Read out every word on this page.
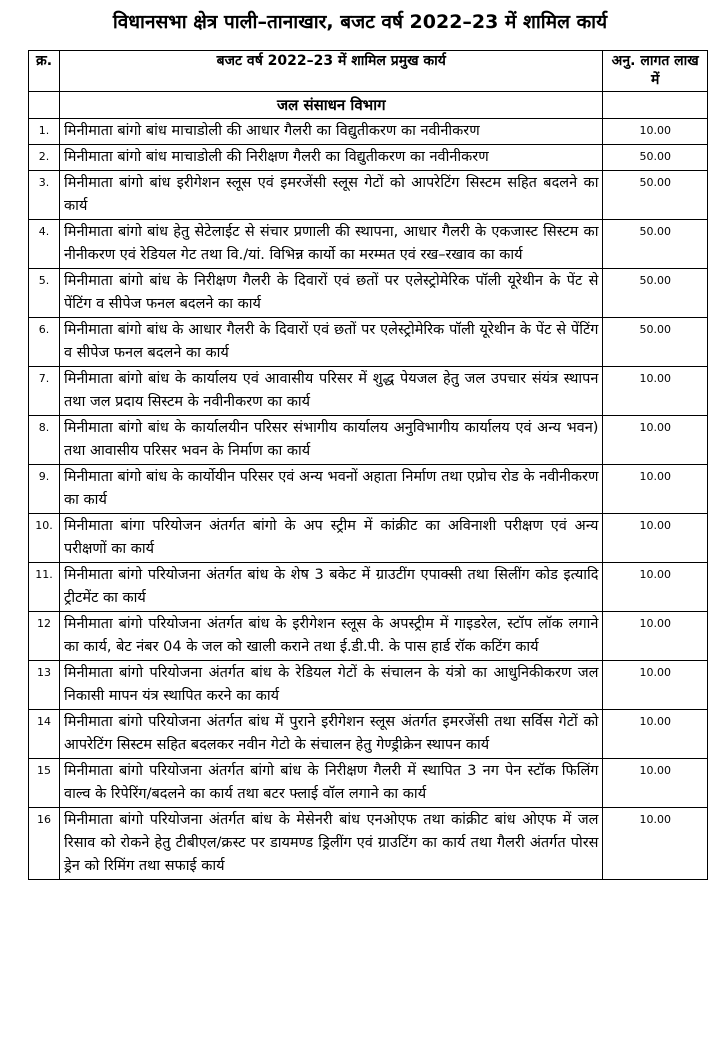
विधानसभा क्षेत्र पाली–तानाखार, बजट वर्ष 2022–23 में शामिल कार्य
क्र.	बजट वर्ष 2022–23 में शामिल प्रमुख कार्य	अनु. लागत लाख में
	जल संसाधन विभाग	
1.	मिनीमाता बांगो बांध माचाडोली की आधार गैलरी का विद्युतीकरण का नवीनीकरण	10.00
2.	मिनीमाता बांगो बांध माचाडोली की निरीक्षण गैलरी का विद्युतीकरण का नवीनीकरण	50.00
3.	मिनीमाता बांगो बांध इरीगेशन स्लूस एवं इमरजेंसी स्लूस गेटों को आपरेटिंग सिस्टम सहित बदलने का कार्य	50.00
4.	मिनीमाता बांगो बांध हेतु सेटेलाईट से संचार प्रणाली की स्थापना, आधार गैलरी के एकजास्ट सिस्टम का नीनीकरण एवं रेडियल गेट तथा वि./यां. विभिन्न कार्यो का मरम्मत एवं रख–रखाव का कार्य	50.00
5.	मिनीमाता बांगो बांध के निरीक्षण गैलरी के दिवारों एवं छतों पर एलेस्ट्रोमेरिक पॉली यूरेथीन के पेंट से पेंटिंग व सीपेज फनल बदलने का कार्य	50.00
6.	मिनीमाता बांगो बांध के आधार गैलरी के दिवारों एवं छतों पर एलेस्ट्रोमेरिक पॉली यूरेथीन के पेंट से पेंटिंग व सीपेज फनल बदलने का कार्य	50.00
7.	मिनीमाता बांगो बांध के कार्यालय एवं आवासीय परिसर में शुद्ध पेयजल हेतु जल उपचार संयंत्र स्थापन तथा जल प्रदाय सिस्टम के नवीनीकरण का कार्य	10.00
8.	मिनीमाता बांगो बांध के कार्यालयीन परिसर संभागीय कार्यालय अनुविभागीय कार्यालय एवं अन्य भवन) तथा आवासीय परिसर भवन के निर्माण का कार्य	10.00
9.	मिनीमाता बांगो बांध के कार्योयीन परिसर एवं अन्य भवनों अहाता निर्माण तथा एप्रोच रोड के नवीनीकरण का कार्य	10.00
10.	मिनीमाता बांगा परियोजन अंतर्गत बांगो के अप स्ट्रीम में कांक्रीट का अविनाशी परीक्षण एवं अन्य परीक्षणों का कार्य	10.00
11.	मिनीमाता बांगो परियोजना अंतर्गत बांध के शेष 3 बकेट में ग्राउटींग एपाक्सी तथा सिलींग कोड इत्यादि ट्रीटमेंट का कार्य	10.00
12	मिनीमाता बांगो परियोजना अंतर्गत बांध के इरीगेशन स्लूस के अपस्ट्रीम में गाइडरेल, स्टॉप लॉक लगाने का कार्य, बेट नंबर 04 के जल को खाली कराने तथा ई.डी.पी. के पास हार्ड रॉक कटिंग कार्य	10.00
13	मिनीमाता बांगो परियोजना अंतर्गत बांध के रेडियल गेटों के संचालन के यंत्रो का आधुनिकीकरण जल निकासी मापन यंत्र स्थापित करने का कार्य	10.00
14	मिनीमाता बांगो परियोजना अंतर्गत बांध में पुराने इरीगेशन स्लूस अंतर्गत इमरजेंसी तथा सर्विस गेटों को आपरेटिंग सिस्टम सहित बदलकर नवीन गेटो के संचालन हेतु गेण्ड्रीक्रेन स्थापन कार्य	10.00
15	मिनीमाता बांगो परियोजना अंतर्गत बांगो बांध के निरीक्षण गैलरी में स्थापित 3 नग पेन स्टॉक फिलिंग वाल्व के रिपेरिंग/बदलने का कार्य तथा बटर फ्लाई वॉल लगाने का कार्य	10.00
16	मिनीमाता बांगो परियोजना अंतर्गत बांध के मेसेनरी बांध एनओएफ तथा कांक्रीट बांध ओएफ में जल रिसाव को रोकने हेतु टीबीएल/क्रस्ट पर डायमण्ड ड्रिलींग एवं ग्राउटिंग का कार्य तथा गैलरी अंतर्गत पोरस ड्रेन को रिमिंग तथा सफाई कार्य	10.00
